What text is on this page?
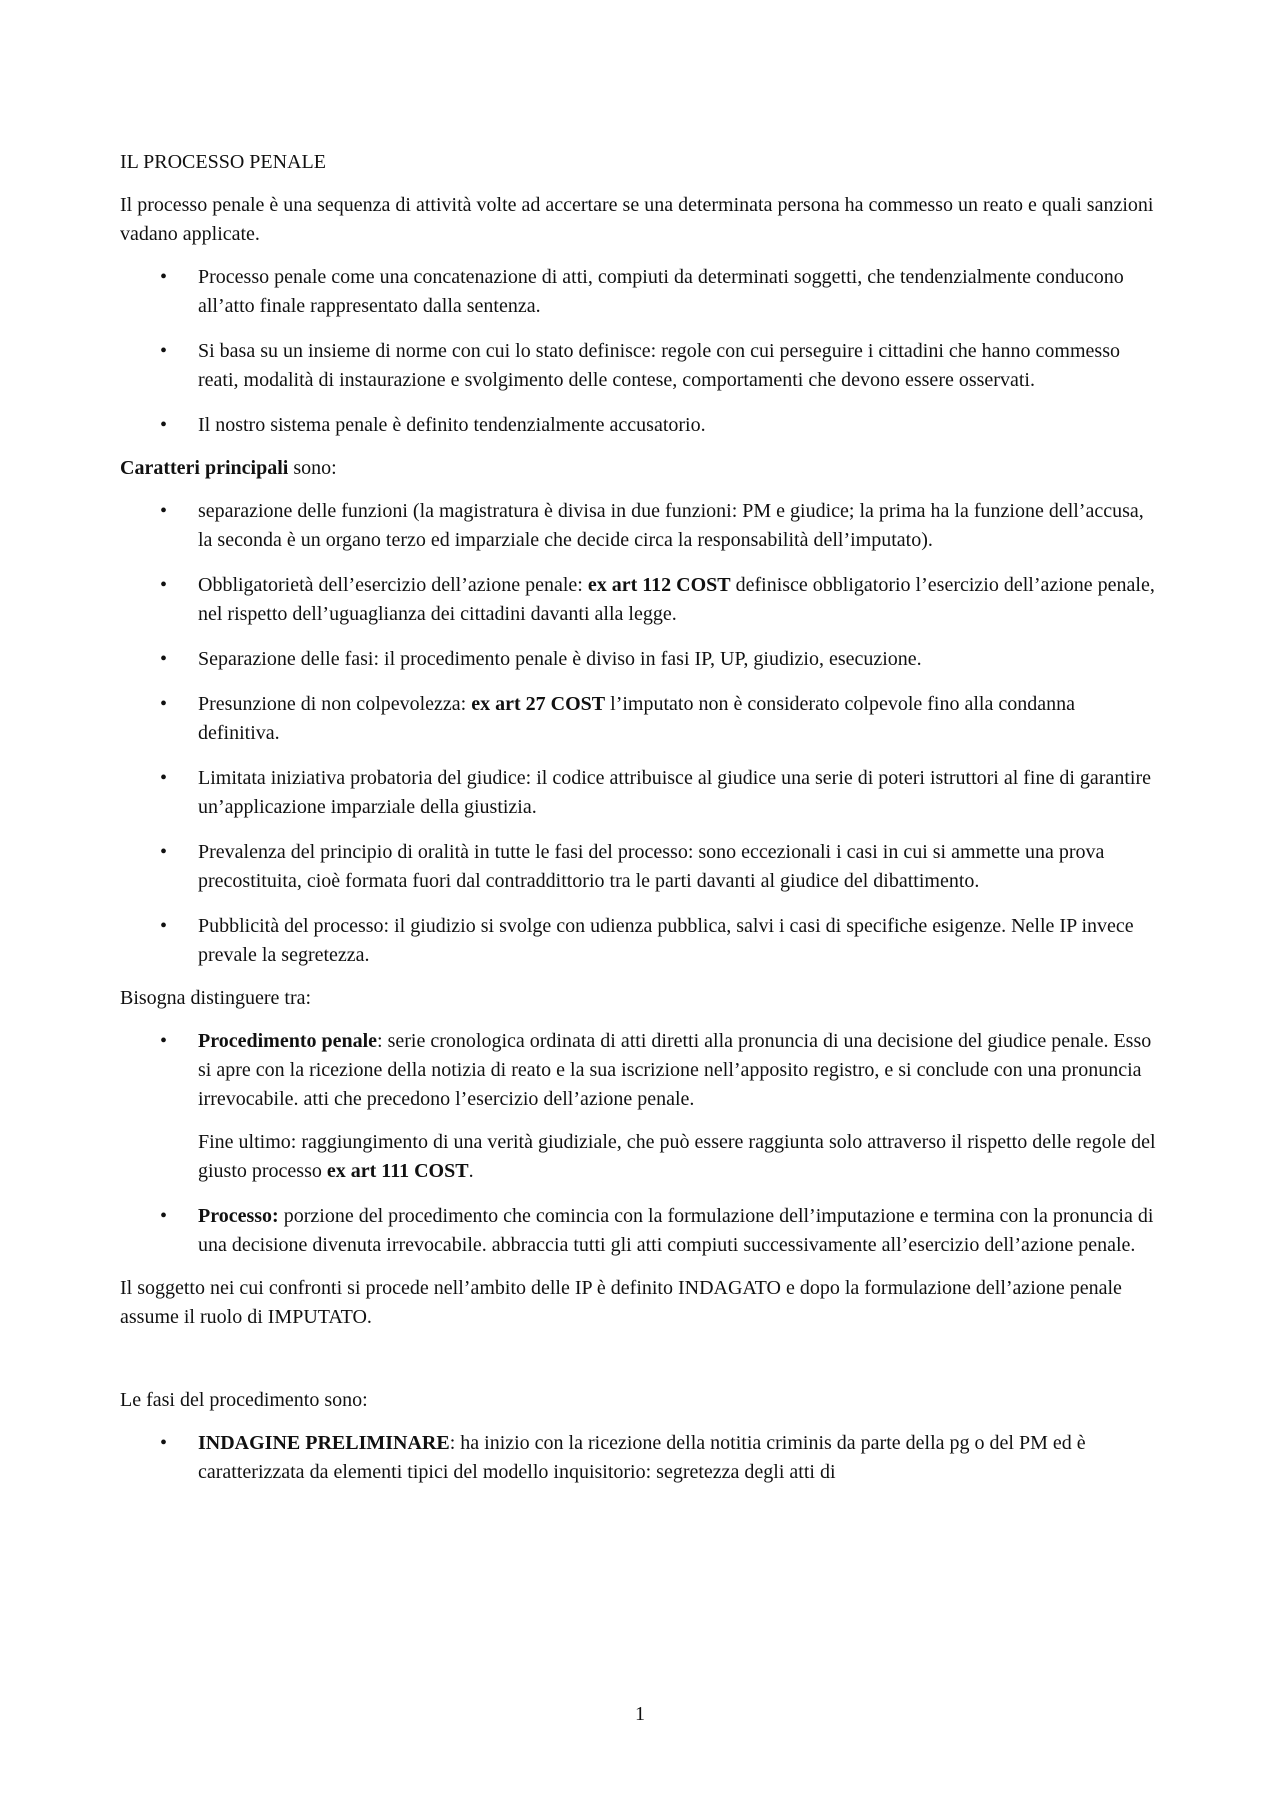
IL PROCESSO PENALE

Il processo penale è una sequenza di attività volte ad accertare se una determinata persona ha commesso un reato e quali sanzioni vadano applicate.

• Processo penale come una concatenazione di atti, compiuti da determinati soggetti, che tendenzialmente conducono all’atto finale rappresentato dalla sentenza.
• Si basa su un insieme di norme con cui lo stato definisce: regole con cui perseguire i cittadini che hanno commesso reati, modalità di instaurazione e svolgimento delle contese, comportamenti che devono essere osservati.
• Il nostro sistema penale è definito tendenzialmente accusatorio.

Caratteri principali sono:

• separazione delle funzioni (la magistratura è divisa in due funzioni: PM e giudice; la prima ha la funzione dell’accusa, la seconda è un organo terzo ed imparziale che decide circa la responsabilità dell’imputato).
• Obbligatorietà dell’esercizio dell’azione penale: ex art 112 COST definisce obbligatorio l’esercizio dell’azione penale, nel rispetto dell’uguaglianza dei cittadini davanti alla legge.
• Separazione delle fasi: il procedimento penale è diviso in fasi IP, UP, giudizio, esecuzione.
• Presunzione di non colpevolezza: ex art 27 COST l’imputato non è considerato colpevole fino alla condanna definitiva.
• Limitata iniziativa probatoria del giudice: il codice attribuisce al giudice una serie di poteri istruttori al fine di garantire un’applicazione imparziale della giustizia.
• Prevalenza del principio di oralità in tutte le fasi del processo: sono eccezionali i casi in cui si ammette una prova precostituita, cioè formata fuori dal contraddittorio tra le parti davanti al giudice del dibattimento.
• Pubblicità del processo: il giudizio si svolge con udienza pubblica, salvi i casi di specifiche esigenze. Nelle IP invece prevale la segretezza.

Bisogna distinguere tra:

• Procedimento penale: serie cronologica ordinata di atti diretti alla pronuncia di una decisione del giudice penale. Esso si apre con la ricezione della notizia di reato e la sua iscrizione nell’apposito registro, e si conclude con una pronuncia irrevocabile. atti che precedono l’esercizio dell’azione penale.
Fine ultimo: raggiungimento di una verità giudiziale, che può essere raggiunta solo attraverso il rispetto delle regole del giusto processo ex art 111 COST.
• Processo: porzione del procedimento che comincia con la formulazione dell’imputazione e termina con la pronuncia di una decisione divenuta irrevocabile. abbraccia tutti gli atti compiuti successivamente all’esercizio dell’azione penale.

Il soggetto nei cui confronti si procede nell’ambito delle IP è definito INDAGATO e dopo la formulazione dell’azione penale assume il ruolo di IMPUTATO.

Le fasi del procedimento sono:

• INDAGINE PRELIMINARE: ha inizio con la ricezione della notitia criminis da parte della pg o del PM ed è caratterizzata da elementi tipici del modello inquisitorio: segretezza degli atti di
1
